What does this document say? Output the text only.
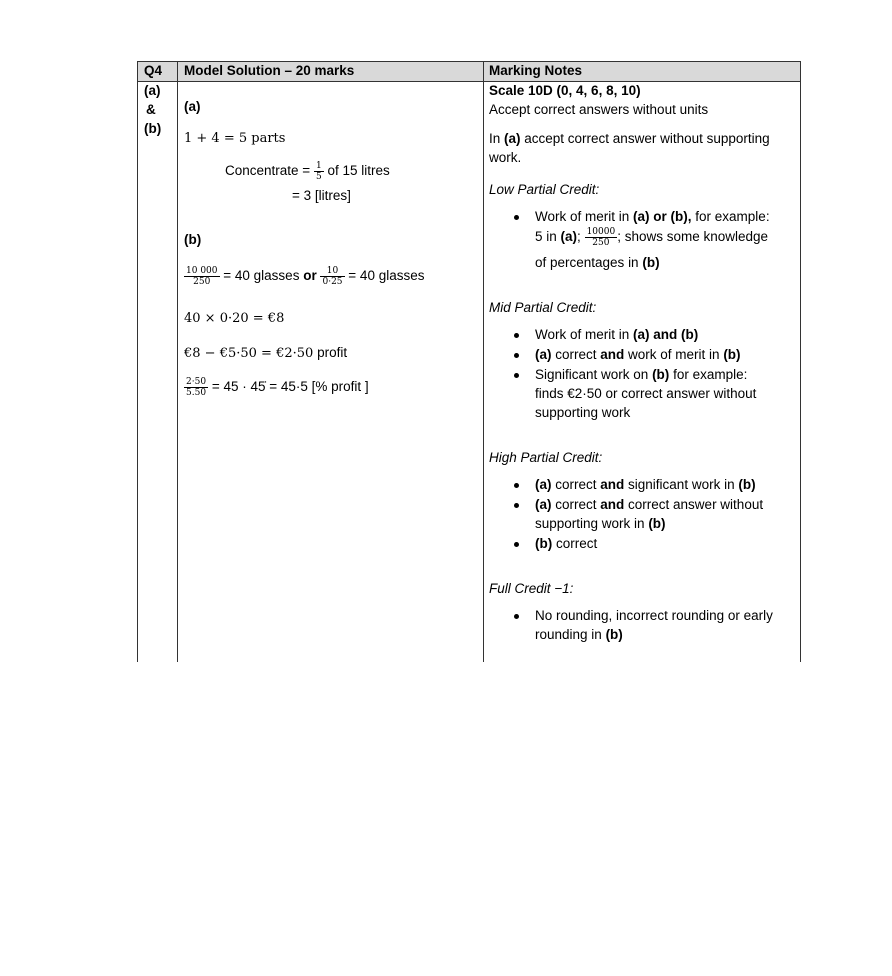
Q4 Model Solution – 20 marks	Marking Notes
(a)
&
(b)
(a)
1 + 4 = 5 parts
Concentrate = $\frac{1}{5}$ of 15 litres
= 3 [litres]
(b)
$\frac{10 000}{250} = 40$ glasses or $\frac{10}{0\cdot 25} = 40$ glasses
40 × 0·20 = €8
€8 − €5·50 = €2·50 profit
$\frac{2\cdot 50}{5.50} = 45$ · 45̇ = 45·5 [% profit ]
Scale 10D (0, 4, 6, 8, 10)
Accept correct answers without units
In (a) accept correct answer without supporting work.
Low Partial Credit:
Work of merit in (a) or (b), for example:
5 in (a); $\frac{10000}{250}$ ; shows some knowledge
of percentages in (b)
Mid Partial Credit:
Work of merit in (a) and (b)
(a) correct and work of merit in (b)
Significant work on (b) for example:
finds €2·50 or correct answer without
supporting work
High Partial Credit:
(a) correct and significant work in (b)
(a) correct and correct answer without
supporting work in (b)
(b) correct
Full Credit −1:
No rounding, incorrect rounding or early
rounding in (b)
